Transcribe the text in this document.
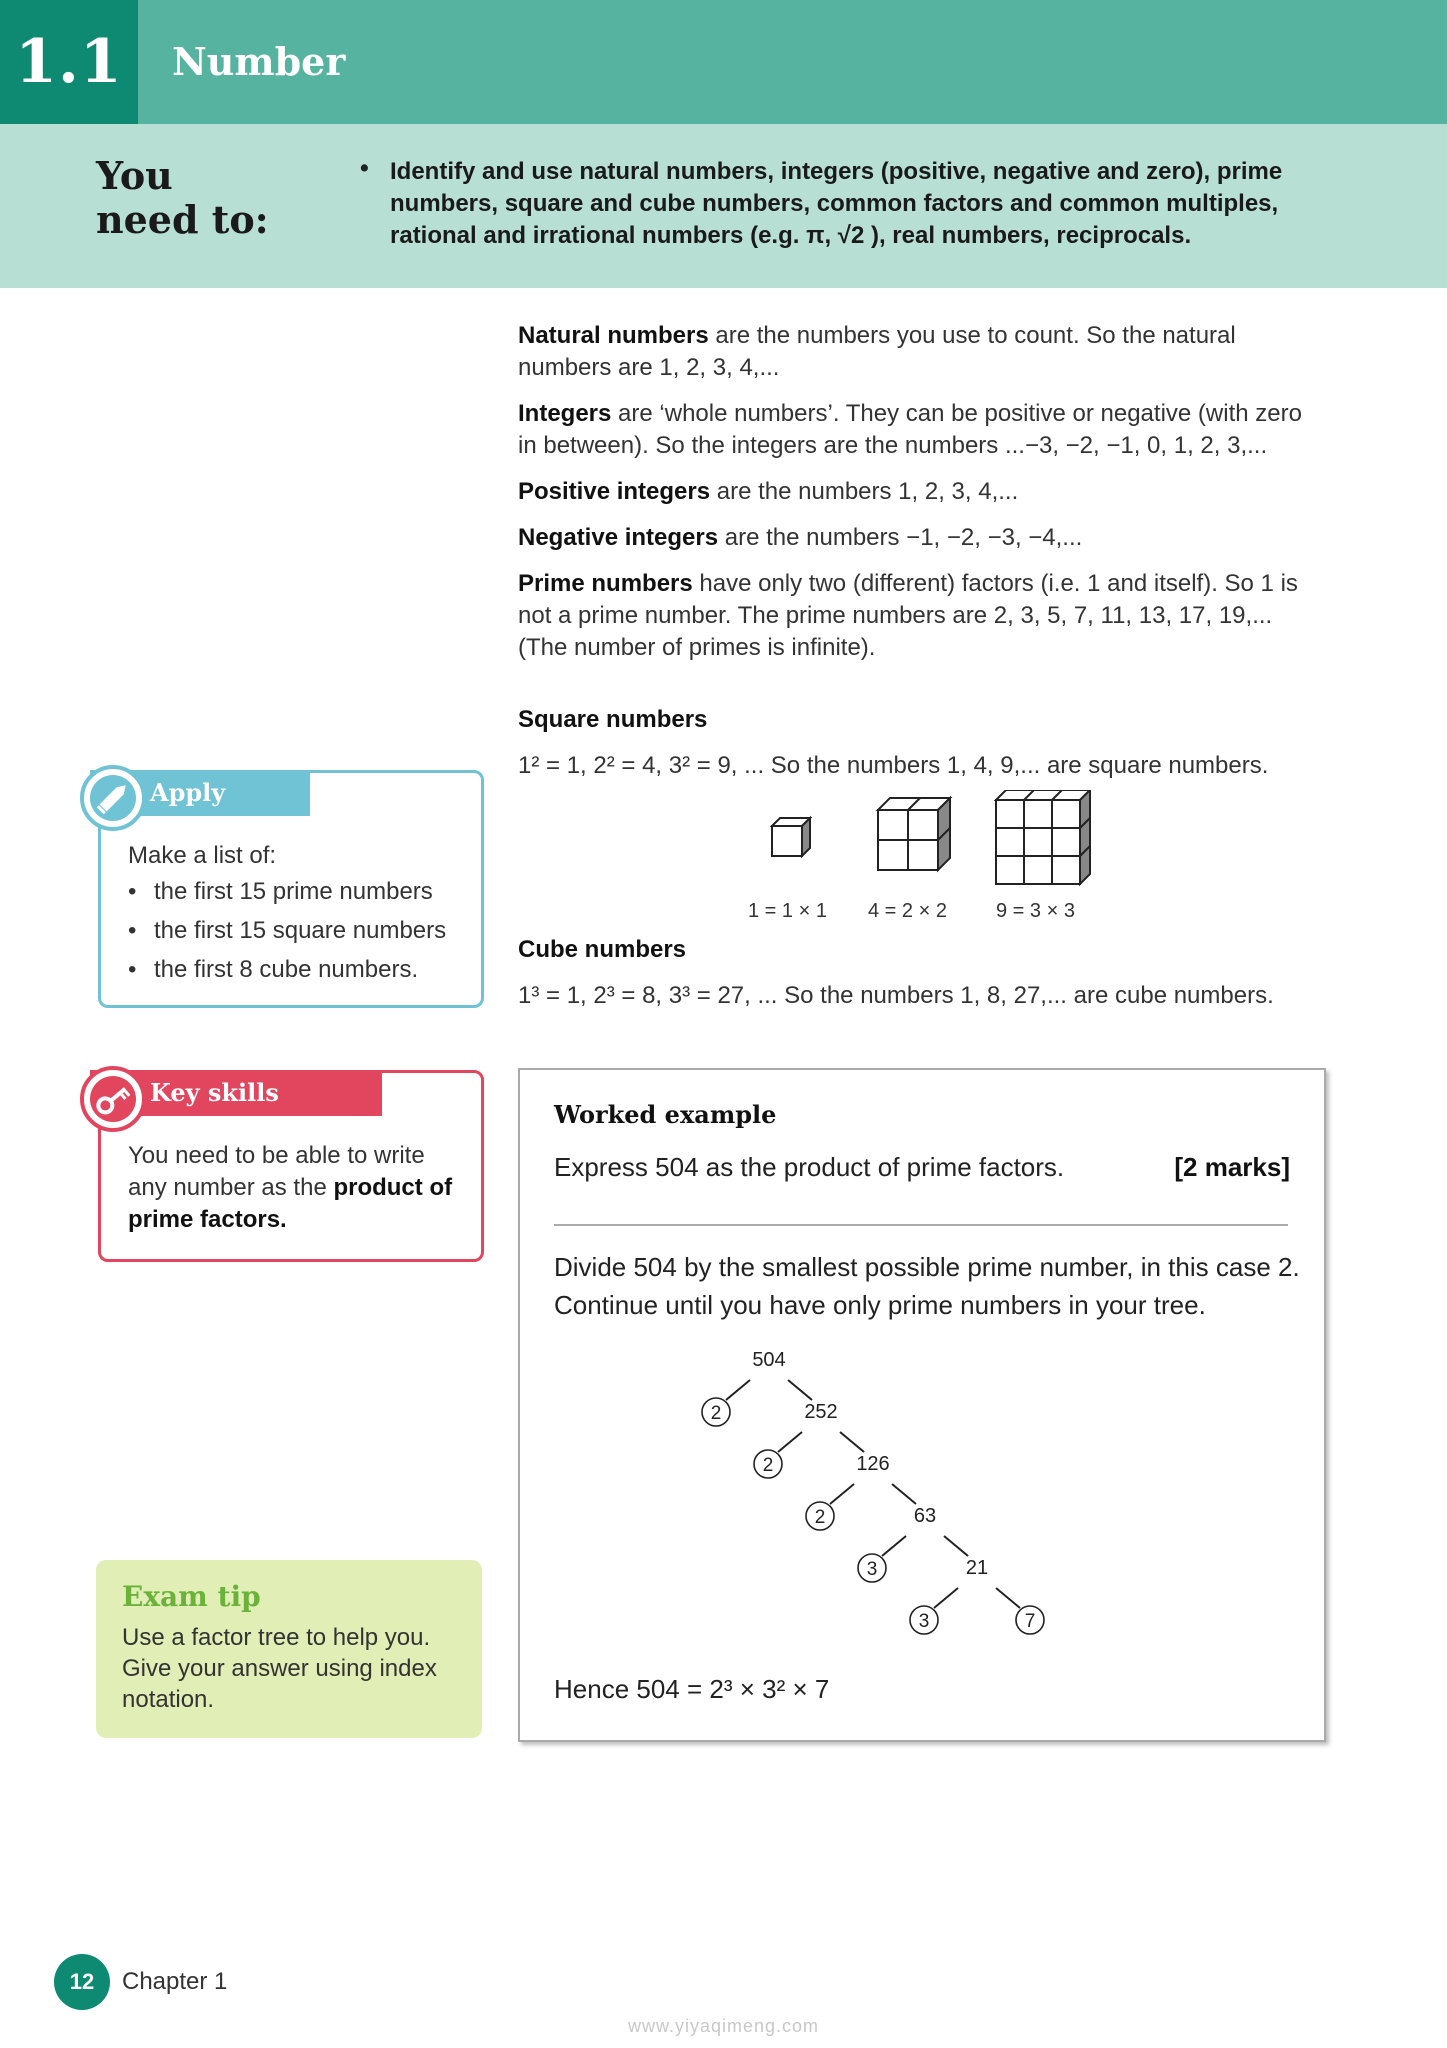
1.1	Number
You
need to:
• Identify and use natural numbers, integers (positive, negative and zero), prime numbers, square and cube numbers, common factors and common multiples, rational and irrational numbers (e.g. π, √2 ), real numbers, reciprocals.

Natural numbers are the numbers you use to count. So the natural numbers are 1, 2, 3, 4,...

Integers are ‘whole numbers’. They can be positive or negative (with zero in between). So the integers are the numbers ...−3, −2, −1, 0, 1, 2, 3,...

Positive integers are the numbers 1, 2, 3, 4,...

Negative integers are the numbers −1, −2, −3, −4,...

Prime numbers have only two (different) factors (i.e. 1 and itself). So 1 is not a prime number. The prime numbers are 2, 3, 5, 7, 11, 13, 17, 19,... (The number of primes is infinite).

Square numbers
1² = 1, 2² = 4, 3² = 9, ... So the numbers 1, 4, 9,... are square numbers.
1 = 1 × 1 4 = 2 × 2 9 = 3 × 3
Cube numbers
1³ = 1, 2³ = 8, 3³ = 27, ... So the numbers 1, 8, 27,... are cube numbers.
Apply
Make a list of:
• the first 15 prime numbers
• the first 15 square numbers
• the first 8 cube numbers.
Key skills
You need to be able to write any number as the product of prime factors.
Exam tip
Use a factor tree to help you. Give your answer using index notation.
Worked example
Express 504 as the product of prime factors.	[2 marks]
Divide 504 by the smallest possible prime number, in this case 2.
Continue until you have only prime numbers in your tree.
504
252
126
63
21
2
2
2
3
3	7
Hence 504 = 2³ × 3² × 7
12	Chapter 1
www.yiyaqimeng.com
